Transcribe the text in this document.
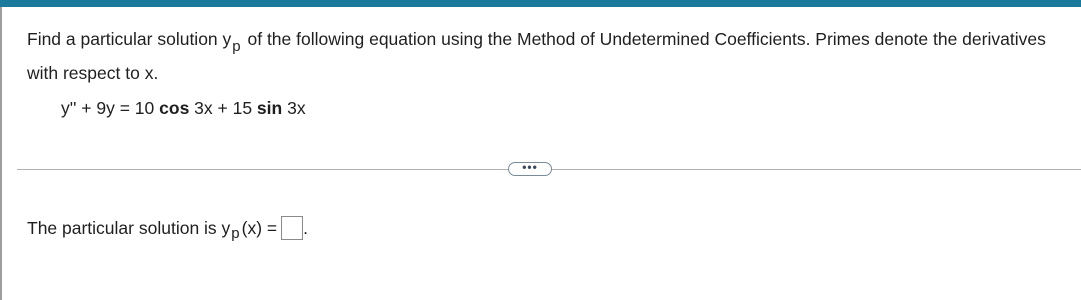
Find a particular solution yp of the following equation using the Method of Undetermined Coefficients. Primes denote the derivatives with respect to x.

y'' + 9y = 10 cos 3x + 15 sin 3x
•••
The particular solution is y p (x) = .
